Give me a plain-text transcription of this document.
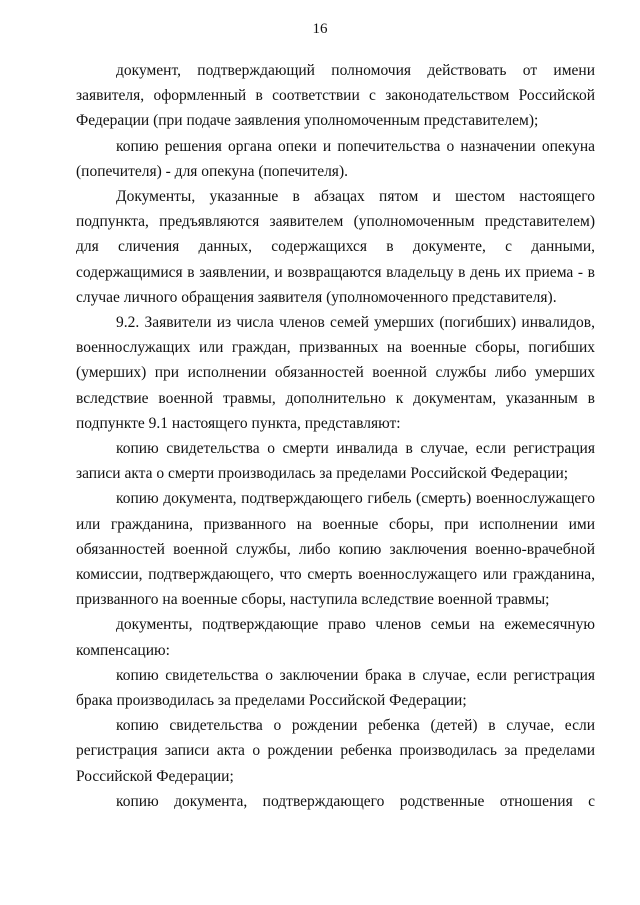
16

документ, подтверждающий полномочия действовать от имени заявителя, оформленный в соответствии с законодательством Российской Федерации (при подаче заявления уполномоченным представителем);

копию решения органа опеки и попечительства о назначении опекуна (попечителя) - для опекуна (попечителя).

Документы, указанные в абзацах пятом и шестом настоящего подпункта, предъявляются заявителем (уполномоченным представителем) для сличения данных, содержащихся в документе, с данными, содержащимися в заявлении, и возвращаются владельцу в день их приема - в случае личного обращения заявителя (уполномоченного представителя).

9.2. Заявители из числа членов семей умерших (погибших) инвалидов, военнослужащих или граждан, призванных на военные сборы, погибших (умерших) при исполнении обязанностей военной службы либо умерших вследствие военной травмы, дополнительно к документам, указанным в подпункте 9.1 настоящего пункта, представляют:

копию свидетельства о смерти инвалида в случае, если регистрация записи акта о смерти производилась за пределами Российской Федерации;

копию документа, подтверждающего гибель (смерть) военнослужащего или гражданина, призванного на военные сборы, при исполнении ими обязанностей военной службы, либо копию заключения военно-врачебной комиссии, подтверждающего, что смерть военнослужащего или гражданина, призванного на военные сборы, наступила вследствие военной травмы;

документы, подтверждающие право членов семьи на ежемесячную компенсацию:

копию свидетельства о заключении брака в случае, если регистрация брака производилась за пределами Российской Федерации;

копию свидетельства о рождении ребенка (детей) в случае, если регистрация записи акта о рождении ребенка производилась за пределами Российской Федерации;

копию документа, подтверждающего родственные отношения с
